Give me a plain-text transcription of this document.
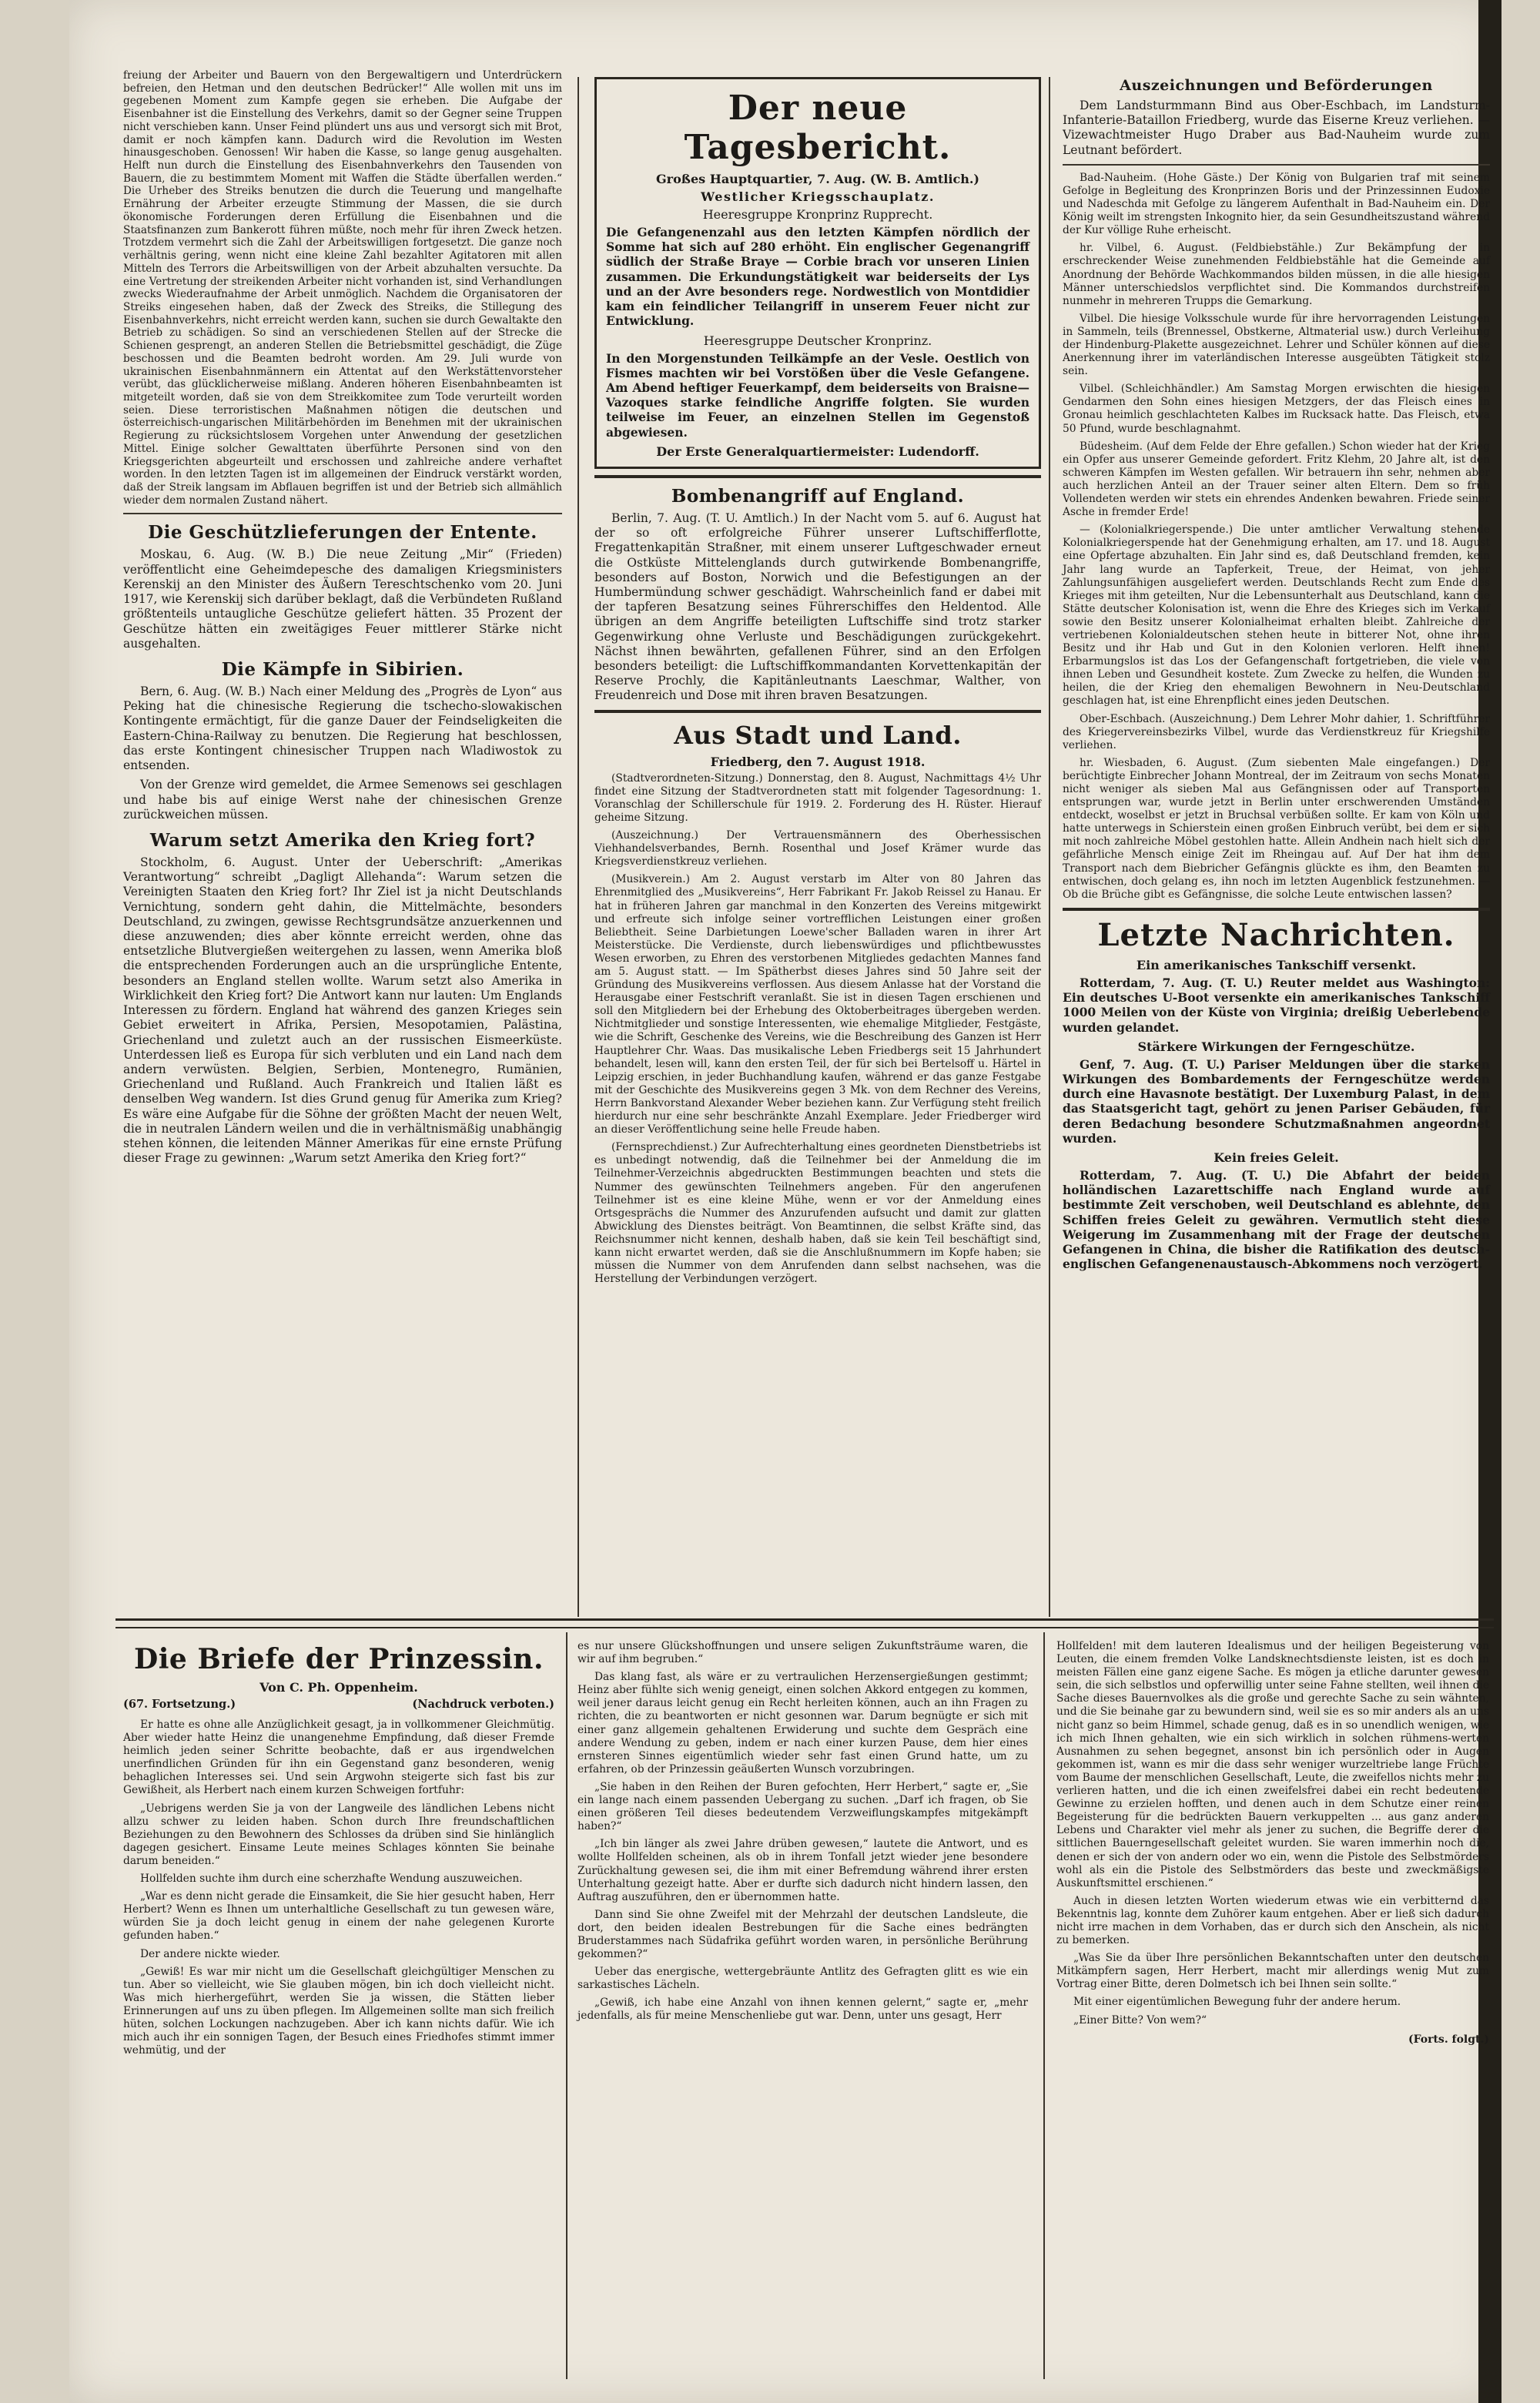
freiung der Arbeiter und Bauern von den Bergewaltigern und Unterdrückern befreien, den Hetman und den deutschen Bedrücker!“ Alle wollen mit uns im gegebenen Moment zum Kampfe gegen sie erheben. Die Aufgabe der Eisenbahner ist die Einstellung des Verkehrs, damit so der Gegner seine Truppen nicht verschieben kann. Unser Feind plündert uns aus und versorgt sich mit Brot, damit er noch kämpfen kann. Dadurch wird die Revolution im Westen hinausgeschoben. Genossen! Wir haben die Kasse, so lange genug ausgehalten. Helft nun durch die Einstellung des Eisenbahnverkehrs den Tausenden von Bauern, die zu bestimmtem Moment mit Waffen die Städte überfallen werden.“ Die Urheber des Streiks benutzen die durch die Teuerung und mangelhafte Ernährung der Arbeiter erzeugte Stimmung der Massen, die sie durch ökonomische Forderungen deren Erfüllung die Eisenbahnen und die Staatsfinanzen zum Bankerott führen müßte, noch mehr für ihren Zweck hetzen. Trotzdem vermehrt sich die Zahl der Arbeitswilligen fortgesetzt. Die ganze noch verhältnis gering, wenn nicht eine kleine Zahl bezahlter Agitatoren mit allen Mitteln des Terrors die Arbeitswilligen von der Arbeit abzuhalten versuchte. Da eine Vertretung der streikenden Arbeiter nicht vorhanden ist, sind Verhandlungen zwecks Wiederaufnahme der Arbeit unmöglich. Nachdem die Organisatoren der Streiks eingesehen haben, daß der Zweck des Streiks, die Stillegung des Eisenbahnverkehrs, nicht erreicht werden kann, suchen sie durch Gewaltakte den Betrieb zu schädigen. So sind an verschiedenen Stellen auf der Strecke die Schienen gesprengt, an anderen Stellen die Betriebsmittel geschädigt, die Züge beschossen und die Beamten bedroht worden. Am 29. Juli wurde von ukrainischen Eisenbahnmännern ein Attentat auf den Werkstättenvorsteher verübt, das glücklicherweise mißlang. Anderen höheren Eisenbahnbeamten ist mitgeteilt worden, daß sie von dem Streikkomitee zum Tode verurteilt worden seien. Diese terroristischen Maßnahmen nötigen die deutschen und österreichisch-ungarischen Militärbehörden im Benehmen mit der ukrainischen Regierung zu rücksichtslosem Vorgehen unter Anwendung der gesetzlichen Mittel. Einige solcher Gewalttaten überführte Personen sind von den Kriegsgerichten abgeurteilt und erschossen und zahlreiche andere verhaftet worden. In den letzten Tagen ist im allgemeinen der Eindruck verstärkt worden, daß der Streik langsam im Abflauen begriffen ist und der Betrieb sich allmählich wieder dem normalen Zustand nähert.

Die Geschützlieferungen der Entente.

Moskau, 6. Aug. (W. B.) Die neue Zeitung „Mir“ (Frieden) veröffentlicht eine Geheimdepesche des damaligen Kriegsministers Kerenskij an den Minister des Äußern Tereschtschenko vom 20. Juni 1917, wie Kerenskij sich darüber beklagt, daß die Verbündeten Rußland größtenteils untaugliche Geschütze geliefert hätten. 35 Prozent der Geschütze hätten ein zweitägiges Feuer mittlerer Stärke nicht ausgehalten.

Die Kämpfe in Sibirien.

Bern, 6. Aug. (W. B.) Nach einer Meldung des „Progrès de Lyon“ aus Peking hat die chinesische Regierung die tschecho-slowakischen Kontingente ermächtigt, für die ganze Dauer der Feindseligkeiten die Eastern-China-Railway zu benutzen. Die Regierung hat beschlossen, das erste Kontingent chinesischer Truppen nach Wladiwostok zu entsenden.

Von der Grenze wird gemeldet, die Armee Semenows sei geschlagen und habe bis auf einige Werst nahe der chinesischen Grenze zurückweichen müssen.

Warum setzt Amerika den Krieg fort?

Stockholm, 6. August. Unter der Ueberschrift: „Amerikas Verantwortung“ schreibt „Dagligt Allehanda“: Warum setzen die Vereinigten Staaten den Krieg fort? Ihr Ziel ist ja nicht Deutschlands Vernichtung, sondern geht dahin, die Mittelmächte, besonders Deutschland, zu zwingen, gewisse Rechtsgrundsätze anzuerkennen und diese anzuwenden; dies aber könnte erreicht werden, ohne das entsetzliche Blutvergießen weitergehen zu lassen, wenn Amerika bloß die entsprechenden Forderungen auch an die ursprüngliche Entente, besonders an England stellen wollte. Warum setzt also Amerika in Wirklichkeit den Krieg fort? Die Antwort kann nur lauten: Um Englands Interessen zu fördern. England hat während des ganzen Krieges sein Gebiet erweitert in Afrika, Persien, Mesopotamien, Palästina, Griechenland und zuletzt auch an der russischen Eismeerküste. Unterdessen ließ es Europa für sich verbluten und ein Land nach dem andern verwüsten. Belgien, Serbien, Montenegro, Rumänien, Griechenland und Rußland. Auch Frankreich und Italien läßt es denselben Weg wandern. Ist dies Grund genug für Amerika zum Krieg? Es wäre eine Aufgabe für die Söhne der größten Macht der neuen Welt, die in neutralen Ländern weilen und die in verhältnismäßig unabhängig stehen können, die leitenden Männer Amerikas für eine ernste Prüfung dieser Frage zu gewinnen: „Warum setzt Amerika den Krieg fort?“

Der neue Tagesbericht.
Großes Hauptquartier, 7. Aug. (W. B. Amtlich.)
Westlicher Kriegsschauplatz.
Heeresgruppe Kronprinz Rupprecht.

Die Gefangenenzahl aus den letzten Kämpfen nördlich der Somme hat sich auf 280 erhöht. Ein englischer Gegenangriff südlich der Straße Braye — Corbie brach vor unseren Linien zusammen. Die Erkundungstätigkeit war beiderseits der Lys und an der Avre besonders rege. Nordwestlich von Montdidier kam ein feindlicher Teilangriff in unserem Feuer nicht zur Entwicklung.

Heeresgruppe Deutscher Kronprinz.

In den Morgenstunden Teilkämpfe an der Vesle. Oestlich von Fismes machten wir bei Vorstößen über die Vesle Gefangene. Am Abend heftiger Feuerkampf, dem beiderseits von Braisne—Vazoques starke feindliche Angriffe folgten. Sie wurden teilweise im Feuer, an einzelnen Stellen im Gegenstoß abgewiesen.

Der Erste Generalquartiermeister: Ludendorff.
Bombenangriff auf England.

Berlin, 7. Aug. (T. U. Amtlich.) In der Nacht vom 5. auf 6. August hat der so oft erfolgreiche Führer unserer Luftschifferflotte, Fregattenkapitän Straßner, mit einem unserer Luftgeschwader erneut die Ostküste Mittelenglands durch gutwirkende Bombenangriffe, besonders auf Boston, Norwich und die Befestigungen an der Humbermündung schwer geschädigt. Wahrscheinlich fand er dabei mit der tapferen Besatzung seines Führerschiffes den Heldentod. Alle übrigen an dem Angriffe beteiligten Luftschiffe sind trotz starker Gegenwirkung ohne Verluste und Beschädigungen zurückgekehrt. Nächst ihnen bewährten, gefallenen Führer, sind an den Erfolgen besonders beteiligt: die Luftschiffkommandanten Korvettenkapitän der Reserve Prochly, die Kapitänleutnants Laeschmar, Walther, von Freudenreich und Dose mit ihren braven Besatzungen.

Aus Stadt und Land.
Friedberg, den 7. August 1918.

(Stadtverordneten-Sitzung.) Donnerstag, den 8. August, Nachmittags 4½ Uhr findet eine Sitzung der Stadtverordneten statt mit folgender Tagesordnung: 1. Voranschlag der Schillerschule für 1919. 2. Forderung des H. Rüster. Hierauf geheime Sitzung.

(Auszeichnung.) Der Vertrauensmännern des Oberhessischen Viehhandelsverbandes, Bernh. Rosenthal und Josef Krämer wurde das Kriegsverdienstkreuz verliehen.

(Musikverein.) Am 2. August verstarb im Alter von 80 Jahren das Ehrenmitglied des „Musikvereins“, Herr Fabrikant Fr. Jakob Reissel zu Hanau. Er hat in früheren Jahren gar manchmal in den Konzerten des Vereins mitgewirkt und erfreute sich infolge seiner vortrefflichen Leistungen einer großen Beliebtheit. Seine Darbietungen Loewe'scher Balladen waren in ihrer Art Meisterstücke. Die Verdienste, durch liebenswürdiges und pflichtbewusstes Wesen erworben, zu Ehren des verstorbenen Mitgliedes gedachten Mannes fand am 5. August statt. — Im Spätherbst dieses Jahres sind 50 Jahre seit der Gründung des Musikvereins verflossen. Aus diesem Anlasse hat der Vorstand die Herausgabe einer Festschrift veranlaßt. Sie ist in diesen Tagen erschienen und soll den Mitgliedern bei der Erhebung des Oktoberbeitrages übergeben werden. Nichtmitglieder und sonstige Interessenten, wie ehemalige Mitglieder, Festgäste, wie die Schrift, Geschenke des Vereins, wie die Beschreibung des Ganzen ist Herr Hauptlehrer Chr. Waas. Das musikalische Leben Friedbergs seit 15 Jahrhundert behandelt, lesen will, kann den ersten Teil, der für sich bei Bertelsoff u. Härtel in Leipzig erschien, in jeder Buchhandlung kaufen, während er das ganze Festgabe mit der Geschichte des Musikvereins gegen 3 Mk. von dem Rechner des Vereins, Herrn Bankvorstand Alexander Weber beziehen kann. Zur Verfügung steht freilich hierdurch nur eine sehr beschränkte Anzahl Exemplare. Jeder Friedberger wird an dieser Veröffentlichung seine helle Freude haben.

(Fernsprechdienst.) Zur Aufrechterhaltung eines geordneten Dienstbetriebs ist es unbedingt notwendig, daß die Teilnehmer bei der Anmeldung die im Teilnehmer-Verzeichnis abgedruckten Bestimmungen beachten und stets die Nummer des gewünschten Teilnehmers angeben. Für den angerufenen Teilnehmer ist es eine kleine Mühe, wenn er vor der Anmeldung eines Ortsgesprächs die Nummer des Anzurufenden aufsucht und damit zur glatten Abwicklung des Dienstes beiträgt. Von Beamtinnen, die selbst Kräfte sind, das Reichsnummer nicht kennen, deshalb haben, daß sie kein Teil beschäftigt sind, kann nicht erwartet werden, daß sie die Anschlußnummern im Kopfe haben; sie müssen die Nummer von dem Anrufenden dann selbst nachsehen, was die Herstellung der Verbindungen verzögert.

Auszeichnungen und Beförderungen

Dem Landsturmmann Bind aus Ober-Eschbach, im Landsturm-Infanterie-Bataillon Friedberg, wurde das Eiserne Kreuz verliehen. — Vizewachtmeister Hugo Draber aus Bad-Nauheim wurde zum Leutnant befördert.

Bad-Nauheim. (Hohe Gäste.) Der König von Bulgarien traf mit seinem Gefolge in Begleitung des Kronprinzen Boris und der Prinzessinnen Eudoxie und Nadeschda mit Gefolge zu längerem Aufenthalt in Bad-Nauheim ein. Der König weilt im strengsten Inkognito hier, da sein Gesundheitszustand während der Kur völlige Ruhe erheischt.

hr. Vilbel, 6. August. (Feldbiebstähle.) Zur Bekämpfung der in erschreckender Weise zunehmenden Feldbiebstähle hat die Gemeinde auf Anordnung der Behörde Wachkommandos bilden müssen, in die alle hiesigen Männer unterschiedslos verpflichtet sind. Die Kommandos durchstreifen nunmehr in mehreren Trupps die Gemarkung.

Vilbel. Die hiesige Volksschule wurde für ihre hervorragenden Leistungen in Sammeln, teils (Brennessel, Obstkerne, Altmaterial usw.) durch Verleihung der Hindenburg-Plakette ausgezeichnet. Lehrer und Schüler können auf diese Anerkennung ihrer im vaterländischen Interesse ausgeübten Tätigkeit stolz sein.

Vilbel. (Schleichhändler.) Am Samstag Morgen erwischten die hiesigen Gendarmen den Sohn eines hiesigen Metzgers, der das Fleisch eines in Gronau heimlich geschlachteten Kalbes im Rucksack hatte. Das Fleisch, etwa 50 Pfund, wurde beschlagnahmt.

Büdesheim. (Auf dem Felde der Ehre gefallen.) Schon wieder hat der Krieg ein Opfer aus unserer Gemeinde gefordert. Fritz Klehm, 20 Jahre alt, ist den schweren Kämpfen im Westen gefallen. Wir betrauern ihn sehr, nehmen aber auch herzlichen Anteil an der Trauer seiner alten Eltern. Dem so früh Vollendeten werden wir stets ein ehrendes Andenken bewahren. Friede seiner Asche in fremder Erde!

— (Kolonialkriegerspende.) Die unter amtlicher Verwaltung stehende Kolonialkriegerspende hat der Genehmigung erhalten, am 17. und 18. August eine Opfertage abzuhalten. Ein Jahr sind es, daß Deutschland fremden, kein Jahr lang wurde an Tapferkeit, Treue, der Heimat, von jeher Zahlungsunfähigen ausgeliefert werden. Deutschlands Recht zum Ende des Krieges mit ihm geteilten, Nur die Lebensunterhalt aus Deutschland, kann die Stätte deutscher Kolonisation ist, wenn die Ehre des Krieges sich im Verkauf sowie den Besitz unserer Kolonialheimat erhalten bleibt. Zahlreiche der vertriebenen Kolonialdeutschen stehen heute in bitterer Not, ohne ihren Besitz und ihr Hab und Gut in den Kolonien verloren. Helft ihnen! Erbarmungslos ist das Los der Gefangenschaft fortgetrieben, die viele von ihnen Leben und Gesundheit kostete. Zum Zwecke zu helfen, die Wunden zu heilen, die der Krieg den ehemaligen Bewohnern in Neu-Deutschland geschlagen hat, ist eine Ehrenpflicht eines jeden Deutschen.

Ober-Eschbach. (Auszeichnung.) Dem Lehrer Mohr dahier, 1. Schriftführer des Kriegervereinsbezirks Vilbel, wurde das Verdienstkreuz für Kriegshilfe verliehen.

hr. Wiesbaden, 6. August. (Zum siebenten Male eingefangen.) Der berüchtigte Einbrecher Johann Montreal, der im Zeitraum von sechs Monaten nicht weniger als sieben Mal aus Gefängnissen oder auf Transporten entsprungen war, wurde jetzt in Berlin unter erschwerenden Umständen entdeckt, woselbst er jetzt in Bruchsal verbüßen sollte. Er kam von Köln und hatte unterwegs in Schierstein einen großen Einbruch verübt, bei dem er sich mit noch zahlreiche Möbel gestohlen hatte. Allein Andhein nach hielt sich der gefährliche Mensch einige Zeit im Rheingau auf. Auf Der hat ihm dem Transport nach dem Biebricher Gefängnis glückte es ihm, den Beamten zu entwischen, doch gelang es, ihn noch im letzten Augenblick festzunehmen. — Ob die Brüche gibt es Gefängnisse, die solche Leute entwischen lassen?

Letzte Nachrichten.
Ein amerikanisches Tankschiff versenkt.

Rotterdam, 7. Aug. (T. U.) Reuter meldet aus Washington: Ein deutsches U-Boot versenkte ein amerikanisches Tankschiff 1000 Meilen von der Küste von Virginia; dreißig Ueberlebende wurden gelandet.

Stärkere Wirkungen der Ferngeschütze.

Genf, 7. Aug. (T. U.) Pariser Meldungen über die starken Wirkungen des Bombardements der Ferngeschütze werden durch eine Havasnote bestätigt. Der Luxemburg Palast, in dem das Staatsgericht tagt, gehört zu jenen Pariser Gebäuden, für deren Bedachung besondere Schutzmaßnahmen angeordnet wurden.

Kein freies Geleit.

Rotterdam, 7. Aug. (T. U.) Die Abfahrt der beiden holländischen Lazarettschiffe nach England wurde auf bestimmte Zeit verschoben, weil Deutschland es ablehnte, den Schiffen freies Geleit zu gewähren. Vermutlich steht diese Weigerung im Zusammenhang mit der Frage der deutschen Gefangenen in China, die bisher die Ratifikation des deutsch-englischen Gefangenenaustausch-Abkommens noch verzögert.

Die Briefe der Prinzessin.
Von C. Ph. Oppenheim.
(67. Fortsetzung.)	(Nachdruck verboten.)

Er hatte es ohne alle Anzüglichkeit gesagt, ja in vollkommener Gleichmütig. Aber wieder hatte Heinz die unangenehme Empfindung, daß dieser Fremde heimlich jeden seiner Schritte beobachte, daß er aus irgendwelchen unerfindlichen Gründen für ihn ein Gegenstand ganz besonderen, wenig behaglichen Interesses sei. Und sein Argwohn steigerte sich fast bis zur Gewißheit, als Herbert nach einem kurzen Schweigen fortfuhr:

„Uebrigens werden Sie ja von der Langweile des ländlichen Lebens nicht allzu schwer zu leiden haben. Schon durch Ihre freundschaftlichen Beziehungen zu den Bewohnern des Schlosses da drüben sind Sie hinlänglich dagegen gesichert. Einsame Leute meines Schlages könnten Sie beinahe darum beneiden.“

Hollfelden suchte ihm durch eine scherzhafte Wendung auszuweichen.

„War es denn nicht gerade die Einsamkeit, die Sie hier gesucht haben, Herr Herbert? Wenn es Ihnen um unterhaltliche Gesellschaft zu tun gewesen wäre, würden Sie ja doch leicht genug in einem der nahe gelegenen Kurorte gefunden haben.“

Der andere nickte wieder.

„Gewiß! Es war mir nicht um die Gesellschaft gleichgültiger Menschen zu tun. Aber so vielleicht, wie Sie glauben mögen, bin ich doch vielleicht nicht. Was mich hierhergeführt, werden Sie ja wissen, die Stätten lieber Erinnerungen auf uns zu üben pflegen. Im Allgemeinen sollte man sich freilich hüten, solchen Lockungen nachzugeben. Aber ich kann nichts dafür. Wie ich mich auch ihr ein sonnigen Tagen, der Besuch eines Friedhofes stimmt immer wehmütig, und der

es nur unsere Glückshoffnungen und unsere seligen Zukunftsträume waren, die wir auf ihm begruben.“

Das klang fast, als wäre er zu vertraulichen Herzensergießungen gestimmt; Heinz aber fühlte sich wenig geneigt, einen solchen Akkord entgegen zu kommen, weil jener daraus leicht genug ein Recht herleiten können, auch an ihn Fragen zu richten, die zu beantworten er nicht gesonnen war. Darum begnügte er sich mit einer ganz allgemein gehaltenen Erwiderung und suchte dem Gespräch eine andere Wendung zu geben, indem er nach einer kurzen Pause, dem hier eines ernsteren Sinnes eigentümlich wieder sehr fast einen Grund hatte, um zu erfahren, ob der Prinzessin geäußerten Wunsch vorzubringen.

„Sie haben in den Reihen der Buren gefochten, Herr Herbert,“ sagte er, „Sie ein lange nach einem passenden Uebergang zu suchen. „Darf ich fragen, ob Sie einen größeren Teil dieses bedeutendem Verzweiflungskampfes mitgekämpft haben?“

„Ich bin länger als zwei Jahre drüben gewesen,“ lautete die Antwort, und es wollte Hollfelden scheinen, als ob in ihrem Tonfall jetzt wieder jene besondere Zurückhaltung gewesen sei, die ihm mit einer Befremdung während ihrer ersten Unterhaltung gezeigt hatte. Aber er durfte sich dadurch nicht hindern lassen, den Auftrag auszuführen, den er übernommen hatte.

Dann sind Sie ohne Zweifel mit der Mehrzahl der deutschen Landsleute, die dort, den beiden idealen Bestrebungen für die Sache eines bedrängten Bruderstammes nach Südafrika geführt worden waren, in persönliche Berührung gekommen?“

Ueber das energische, wettergebräunte Antlitz des Gefragten glitt es wie ein sarkastisches Lächeln.

„Gewiß, ich habe eine Anzahl von ihnen kennen gelernt,“ sagte er, „mehr jedenfalls, als für meine Menschenliebe gut war. Denn, unter uns gesagt, Herr

Hollfelden! mit dem lauteren Idealismus und der heiligen Begeisterung von Leuten, die einem fremden Volke Landsknechtsdienste leisten, ist es doch in meisten Fällen eine ganz eigene Sache. Es mögen ja etliche darunter gewesen sein, die sich selbstlos und opferwillig unter seine Fahne stellten, weil ihnen die Sache dieses Bauernvolkes als die große und gerechte Sache zu sein wähnten, und die Sie beinahe gar zu bewundern sind, weil sie es so mir anders als an uns nicht ganz so beim Himmel, schade genug, daß es in so unendlich wenigen, wie ich mich Ihnen gehalten, wie ein sich wirklich in solchen rühmens-werten Ausnahmen zu sehen begegnet, ansonst bin ich persönlich oder in Augen gekommen ist, wann es mir die dass sehr weniger wurzeltriebe lange Früchte vom Baume der menschlichen Gesellschaft, Leute, die zweifellos nichts mehr zu verlieren hatten, und die ich einen zweifelsfrei dabei ein recht bedeutende Gewinne zu erzielen hofften, und denen auch in dem Schutze einer reinen Begeisterung für die bedrückten Bauern verkuppelten ... aus ganz anderen Lebens und Charakter viel mehr als jener zu suchen, die Begriffe derer die sittlichen Bauerngesellschaft geleitet wurden. Sie waren immerhin noch die, denen er sich der von andern oder wo ein, wenn die Pistole des Selbstmörders wohl als ein die Pistole des Selbstmörders das beste und zweckmäßigste Auskunftsmittel erschienen.“

Auch in diesen letzten Worten wiederum etwas wie ein verbitternd das Bekenntnis lag, konnte dem Zuhörer kaum entgehen. Aber er ließ sich dadurch nicht irre machen in dem Vorhaben, das er durch sich den Anschein, als nicht zu bemerken.

„Was Sie da über Ihre persönlichen Bekanntschaften unter den deutschen Mitkämpfern sagen, Herr Herbert, macht mir allerdings wenig Mut zum Vortrag einer Bitte, deren Dolmetsch ich bei Ihnen sein sollte.“

Mit einer eigentümlichen Bewegung fuhr der andere herum.

„Einer Bitte? Von wem?“

(Forts. folgt.)
